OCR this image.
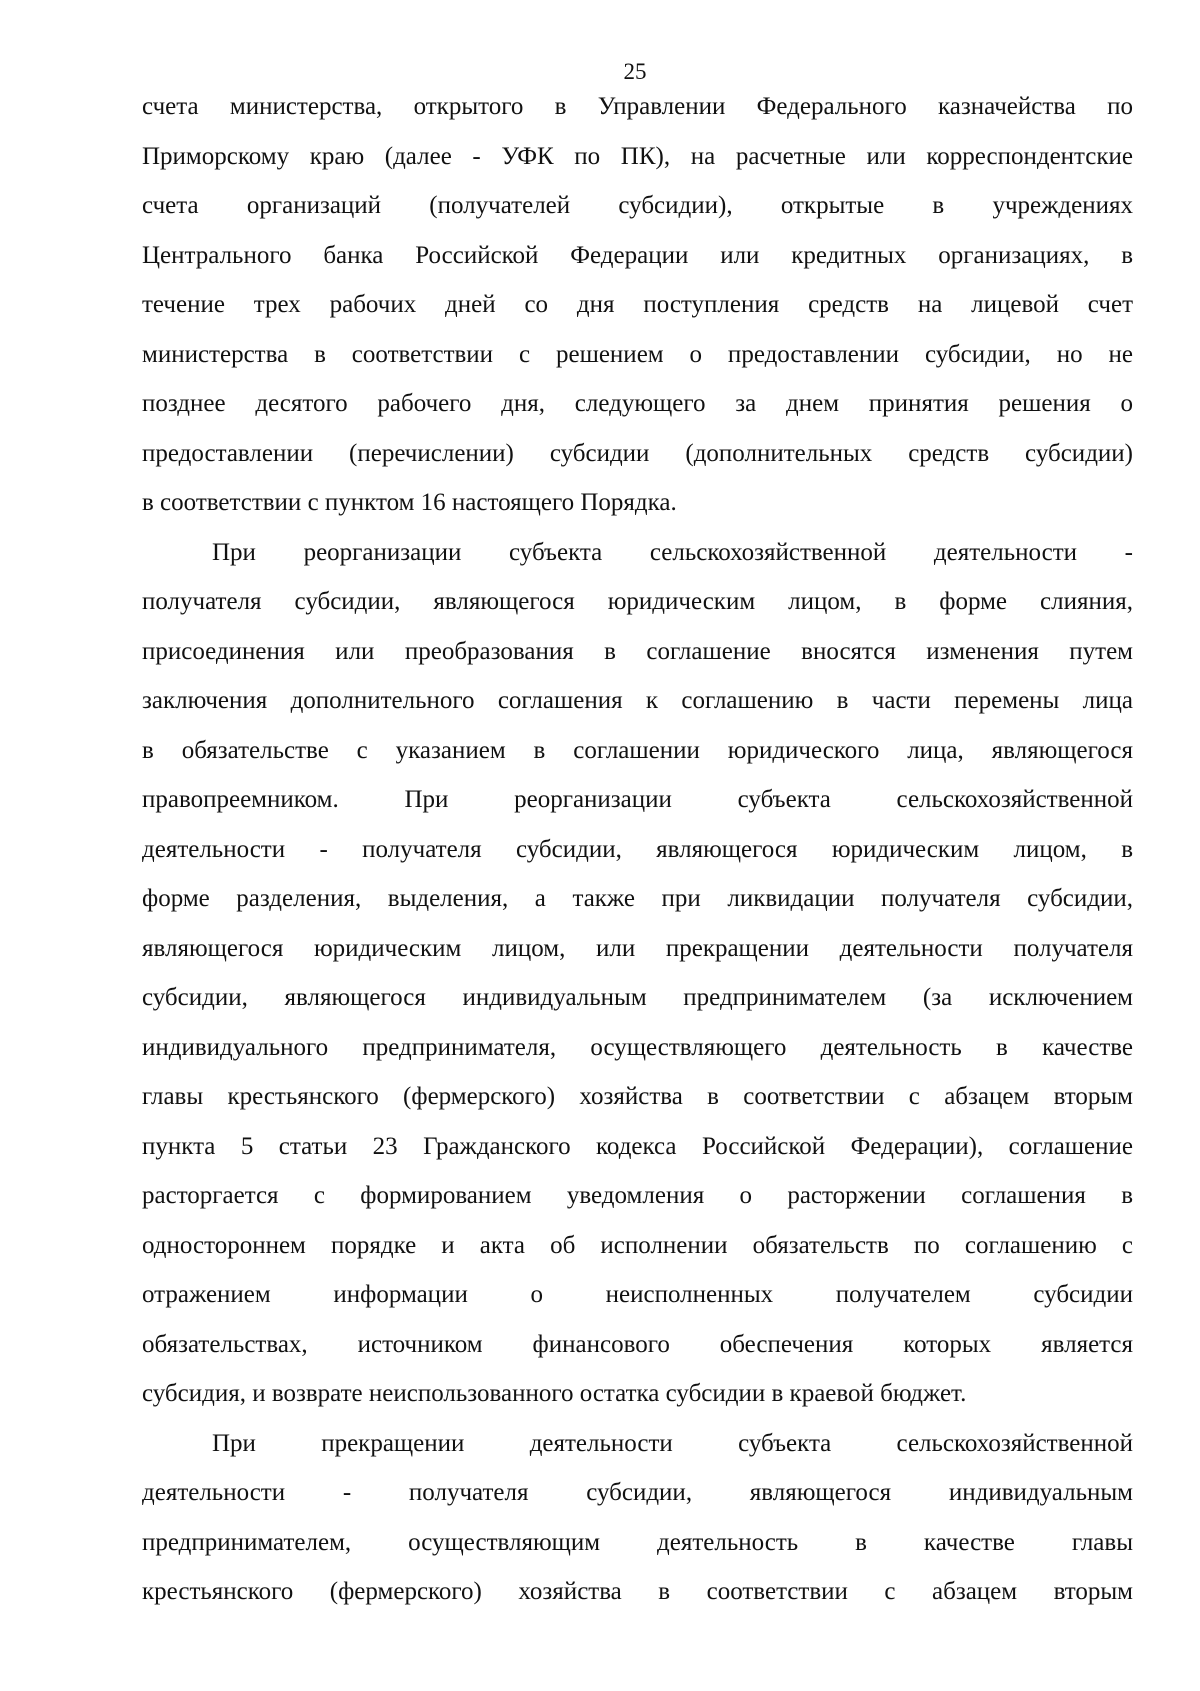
25
счета министерства, открытого в Управлении Федерального казначейства по
Приморскому краю (далее - УФК по ПК), на расчетные или корреспондентские
счета организаций (получателей субсидии), открытые в учреждениях
Центрального банка Российской Федерации или кредитных организациях, в
течение трех рабочих дней со дня поступления средств на лицевой счет
министерства в соответствии с решением о предоставлении субсидии, но не
позднее десятого рабочего дня, следующего за днем принятия решения о
предоставлении (перечислении) субсидии (дополнительных средств субсидии)
в соответствии с пунктом 16 настоящего Порядка.
При реорганизации субъекта сельскохозяйственной деятельности -
получателя субсидии, являющегося юридическим лицом, в форме слияния,
присоединения или преобразования в соглашение вносятся изменения путем
заключения дополнительного соглашения к соглашению в части перемены лица
в обязательстве с указанием в соглашении юридического лица, являющегося
правопреемником. При реорганизации субъекта сельскохозяйственной
деятельности - получателя субсидии, являющегося юридическим лицом, в
форме разделения, выделения, а также при ликвидации получателя субсидии,
являющегося юридическим лицом, или прекращении деятельности получателя
субсидии, являющегося индивидуальным предпринимателем (за исключением
индивидуального предпринимателя, осуществляющего деятельность в качестве
главы крестьянского (фермерского) хозяйства в соответствии с абзацем вторым
пункта 5 статьи 23 Гражданского кодекса Российской Федерации), соглашение
расторгается с формированием уведомления о расторжении соглашения в
одностороннем порядке и акта об исполнении обязательств по соглашению с
отражением информации о неисполненных получателем субсидии
обязательствах, источником финансового обеспечения которых является
субсидия, и возврате неиспользованного остатка субсидии в краевой бюджет.
При прекращении деятельности субъекта сельскохозяйственной
деятельности - получателя субсидии, являющегося индивидуальным
предпринимателем, осуществляющим деятельность в качестве главы
крестьянского (фермерского) хозяйства в соответствии с абзацем вторым
